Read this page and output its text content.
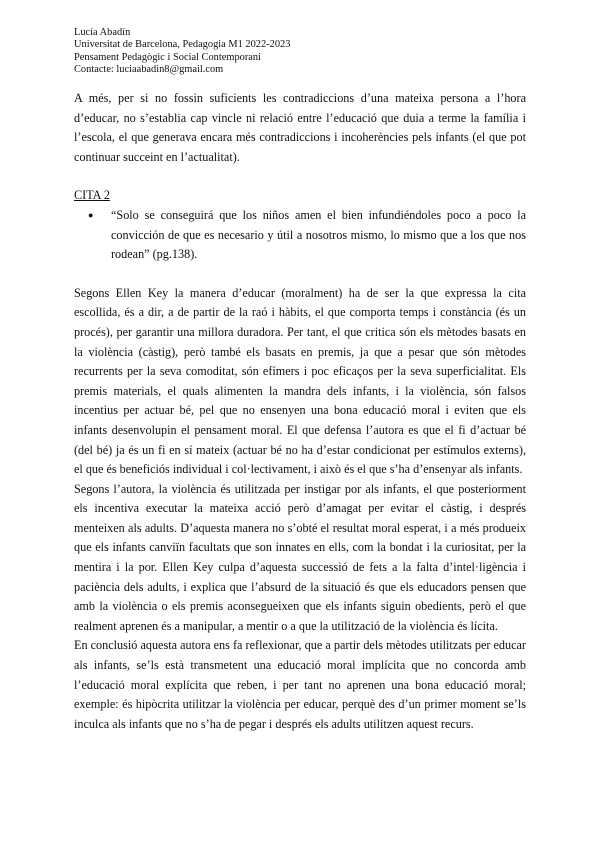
Lucía Abadín
Universitat de Barcelona, Pedagogia M1 2022-2023
Pensament Pedagògic i Social Contemporani
Contacte: luciaabadin8@gmail.com

A més, per si no fossin suficients les contradiccions d’una mateixa persona a l’hora d’educar, no s’establia cap vincle ni relació entre l’educació que duia a terme la família i l’escola, el que generava encara més contradiccions i incoherències pels infants (el que pot continuar succeint en l’actualitat).

CITA 2

● “Solo se conseguirá que los niños amen el bien infundiéndoles poco a poco la convicción de que es necesario y útil a nosotros mismo, lo mismo que a los que nos rodean” (pg.138).

Segons Ellen Key la manera d’educar (moralment) ha de ser la que expressa la cita escollida, és a dir, a de partir de la raó i hàbits, el que comporta temps i constància (és un procés), per garantir una millora duradora. Per tant, el que critica són els mètodes basats en la violència (càstig), però també els basats en premis, ja que a pesar que són mètodes recurrents per la seva comoditat, són efímers i poc eficaços per la seva superficialitat. Els premis materials, el quals alimenten la mandra dels infants, i la violència, són falsos incentius per actuar bé, pel que no ensenyen una bona educació moral i eviten que els infants desenvolupin el pensament moral. El que defensa l’autora es que el fi d’actuar bé (del bé) ja és un fi en sí mateix (actuar bé no ha d’estar condicionat per estímulos externs), el que és beneficiós individual i col·lectivament, i això és el que s’ha d’ensenyar als infants.

Segons l’autora, la violència és utilitzada per instigar por als infants, el que posteriorment els incentiva executar la mateixa acció però d’amagat per evitar el càstig, i després menteixen als adults. D’aquesta manera no s’obté el resultat moral esperat, i a més produeix que els infants canviïn facultats que son innates en ells, com la bondat i la curiositat, per la mentira i la por. Ellen Key culpa d’aquesta successió de fets a la falta d’intel·ligència i paciència dels adults, i explica que l’absurd de la situació és que els educadors pensen que amb la violència o els premis aconsegueixen que els infants siguin obedients, però el que realment aprenen és a manipular, a mentir o a que la utilització de la violència és lícita.

En conclusió aquesta autora ens fa reflexionar, que a partir dels mètodes utilitzats per educar als infants, se’ls està transmetent una educació moral implícita que no concorda amb l’educació moral explícita que reben, i per tant no aprenen una bona educació moral; exemple: és hipòcrita utilitzar la violència per educar, perquè des d’un primer moment se’ls inculca als infants que no s’ha de pegar i després els adults utilitzen aquest recurs.
